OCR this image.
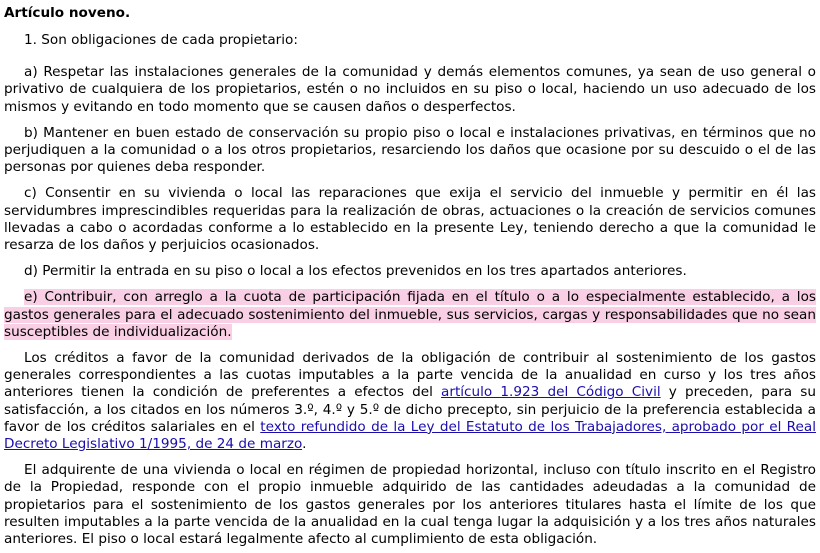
Artículo noveno.

1. Son obligaciones de cada propietario:

a) Respetar las instalaciones generales de la comunidad y demás elementos comunes, ya sean de uso general o privativo de cualquiera de los propietarios, estén o no incluidos en su piso o local, haciendo un uso adecuado de los mismos y evitando en todo momento que se causen daños o desperfectos.

b) Mantener en buen estado de conservación su propio piso o local e instalaciones privativas, en términos que no perjudiquen a la comunidad o a los otros propietarios, resarciendo los daños que ocasione por su descuido o el de las personas por quienes deba responder.

c) Consentir en su vivienda o local las reparaciones que exija el servicio del inmueble y permitir en él las servidumbres imprescindibles requeridas para la realización de obras, actuaciones o la creación de servicios comunes llevadas a cabo o acordadas conforme a lo establecido en la presente Ley, teniendo derecho a que la comunidad le resarza de los daños y perjuicios ocasionados.

d) Permitir la entrada en su piso o local a los efectos prevenidos en los tres apartados anteriores.

e) Contribuir, con arreglo a la cuota de participación fijada en el título o a lo especialmente establecido, a los gastos generales para el adecuado sostenimiento del inmueble, sus servicios, cargas y responsabilidades que no sean susceptibles de individualización.

Los créditos a favor de la comunidad derivados de la obligación de contribuir al sostenimiento de los gastos generales correspondientes a las cuotas imputables a la parte vencida de la anualidad en curso y los tres años anteriores tienen la condición de preferentes a efectos del artículo 1.923 del Código Civil y preceden, para su satisfacción, a los citados en los números 3.º, 4.º y 5.º de dicho precepto, sin perjuicio de la preferencia establecida a favor de los créditos salariales en el texto refundido de la Ley del Estatuto de los Trabajadores, aprobado por el Real Decreto Legislativo 1/1995, de 24 de marzo.

El adquirente de una vivienda o local en régimen de propiedad horizontal, incluso con título inscrito en el Registro de la Propiedad, responde con el propio inmueble adquirido de las cantidades adeudadas a la comunidad de propietarios para el sostenimiento de los gastos generales por los anteriores titulares hasta el límite de los que resulten imputables a la parte vencida de la anualidad en la cual tenga lugar la adquisición y a los tres años naturales anteriores. El piso o local estará legalmente afecto al cumplimiento de esta obligación.
